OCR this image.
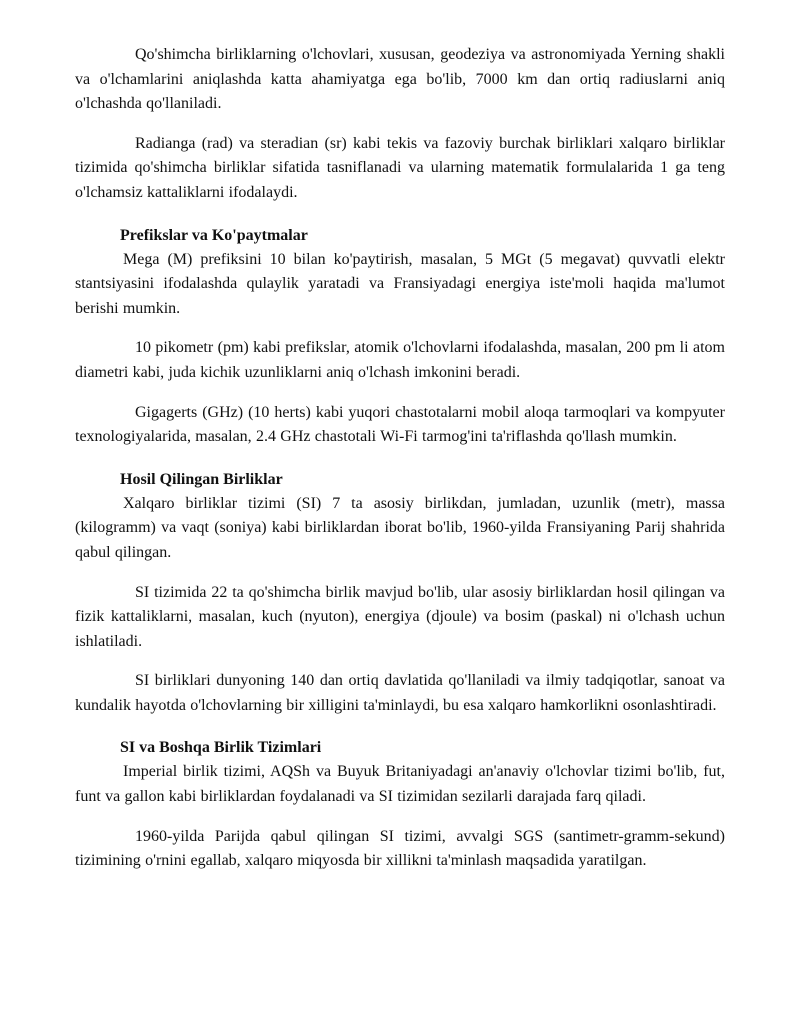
Qo'shimcha birliklarning o'lchovlari, xususan, geodeziya va astronomiyada Yerning shakli va o'lchamlarini aniqlashda katta ahamiyatga ega bo'lib, 7000 km dan ortiq radiuslarni aniq o'lchashda qo'llaniladi.

Radianga (rad) va steradian (sr) kabi tekis va fazoviy burchak birliklari xalqaro birliklar tizimida qo'shimcha birliklar sifatida tasniflanadi va ularning matematik formulalarida 1 ga teng o'lchamsiz kattaliklarni ifodalaydi.

Prefikslar va Ko'paytmalar

Mega (M) prefiksini 10 bilan ko'paytirish, masalan, 5 MGt (5 megavat) quvvatli elektr stantsiyasini ifodalashda qulaylik yaratadi va Fransiyadagi energiya iste'moli haqida ma'lumot berishi mumkin.

10 pikometr (pm) kabi prefikslar, atomik o'lchovlarni ifodalashda, masalan, 200 pm li atom diametri kabi, juda kichik uzunliklarni aniq o'lchash imkonini beradi.

Gigagerts (GHz) (10 herts) kabi yuqori chastotalarni mobil aloqa tarmoqlari va kompyuter texnologiyalarida, masalan, 2.4 GHz chastotali Wi-Fi tarmog'ini ta'riflashda qo'llash mumkin.

Hosil Qilingan Birliklar

Xalqaro birliklar tizimi (SI) 7 ta asosiy birlikdan, jumladan, uzunlik (metr), massa (kilogramm) va vaqt (soniya) kabi birliklardan iborat bo'lib, 1960-yilda Fransiyaning Parij shahrida qabul qilingan.

SI tizimida 22 ta qo'shimcha birlik mavjud bo'lib, ular asosiy birliklardan hosil qilingan va fizik kattaliklarni, masalan, kuch (nyuton), energiya (djoule) va bosim (paskal) ni o'lchash uchun ishlatiladi.

SI birliklari dunyoning 140 dan ortiq davlatida qo'llaniladi va ilmiy tadqiqotlar, sanoat va kundalik hayotda o'lchovlarning bir xilligini ta'minlaydi, bu esa xalqaro hamkorlikni osonlashtiradi.

SI va Boshqa Birlik Tizimlari

Imperial birlik tizimi, AQSh va Buyuk Britaniyadagi an'anaviy o'lchovlar tizimi bo'lib, fut, funt va gallon kabi birliklardan foydalanadi va SI tizimidan sezilarli darajada farq qiladi.

1960-yilda Parijda qabul qilingan SI tizimi, avvalgi SGS (santimetr-gramm-sekund) tizimining o'rnini egallab, xalqaro miqyosda bir xillikni ta'minlash maqsadida yaratilgan.
